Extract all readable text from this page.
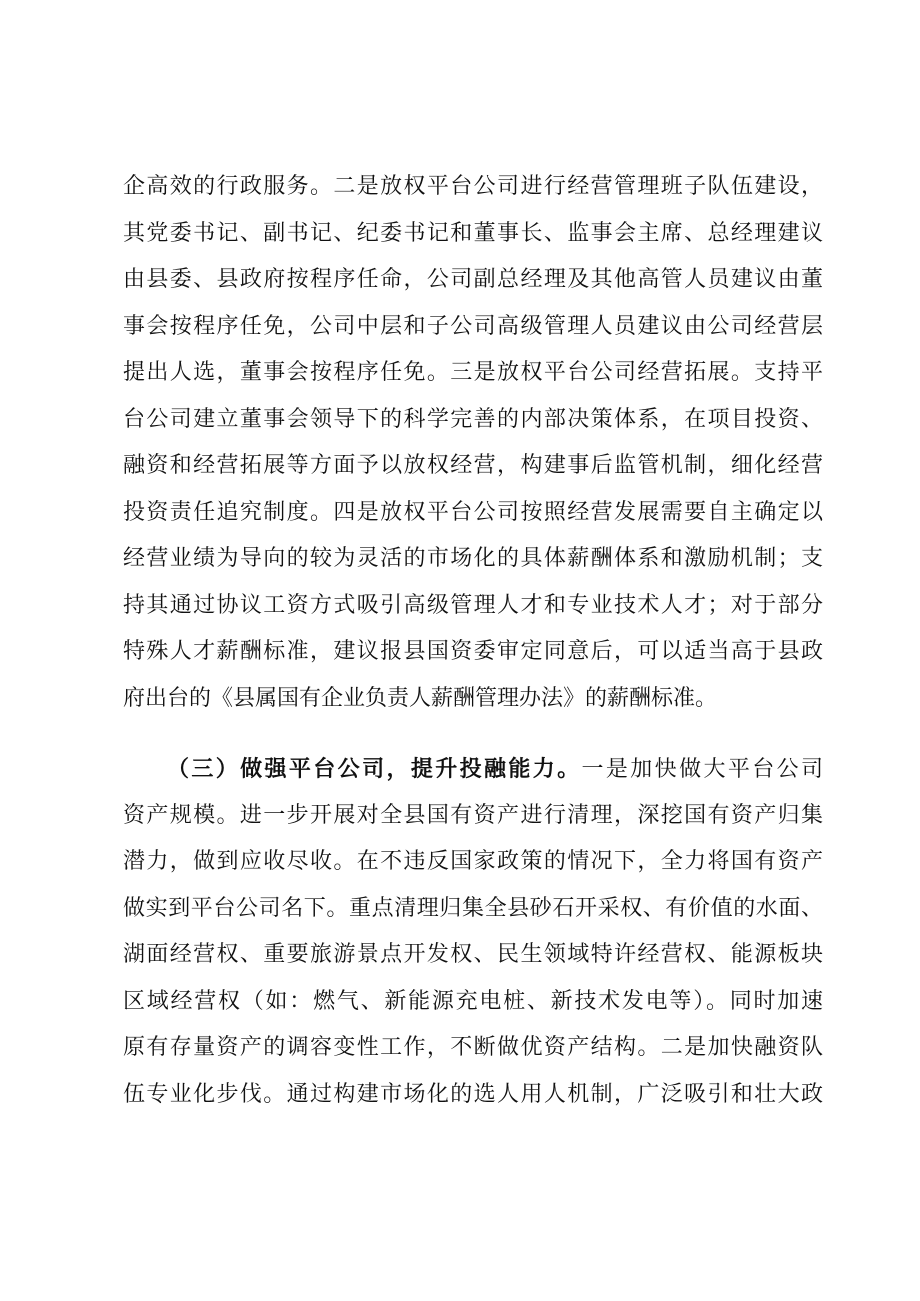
企高效的行政服务。二是放权平台公司进行经营管理班子队伍建设，
其党委书记、副书记、纪委书记和董事长、监事会主席、总经理建议
由县委、县政府按程序任命，公司副总经理及其他高管人员建议由董
事会按程序任免，公司中层和子公司高级管理人员建议由公司经营层
提出人选，董事会按程序任免。三是放权平台公司经营拓展。支持平
台公司建立董事会领导下的科学完善的内部决策体系，在项目投资、
融资和经营拓展等方面予以放权经营，构建事后监管机制，细化经营
投资责任追究制度。四是放权平台公司按照经营发展需要自主确定以
经营业绩为导向的较为灵活的市场化的具体薪酬体系和激励机制；支
持其通过协议工资方式吸引高级管理人才和专业技术人才；对于部分
特殊人才薪酬标准，建议报县国资委审定同意后，可以适当高于县政
府出台的《县属国有企业负责人薪酬管理办法》的薪酬标准。
（三）做强平台公司，提升投融能力。一是加快做大平台公司
资产规模。进一步开展对全县国有资产进行清理，深挖国有资产归集
潜力，做到应收尽收。在不违反国家政策的情况下，全力将国有资产
做实到平台公司名下。重点清理归集全县砂石开采权、有价值的水面、
湖面经营权、重要旅游景点开发权、民生领域特许经营权、能源板块
区域经营权（如：燃气、新能源充电桩、新技术发电等）。同时加速
原有存量资产的调容变性工作，不断做优资产结构。二是加快融资队
伍专业化步伐。通过构建市场化的选人用人机制，广泛吸引和壮大政
